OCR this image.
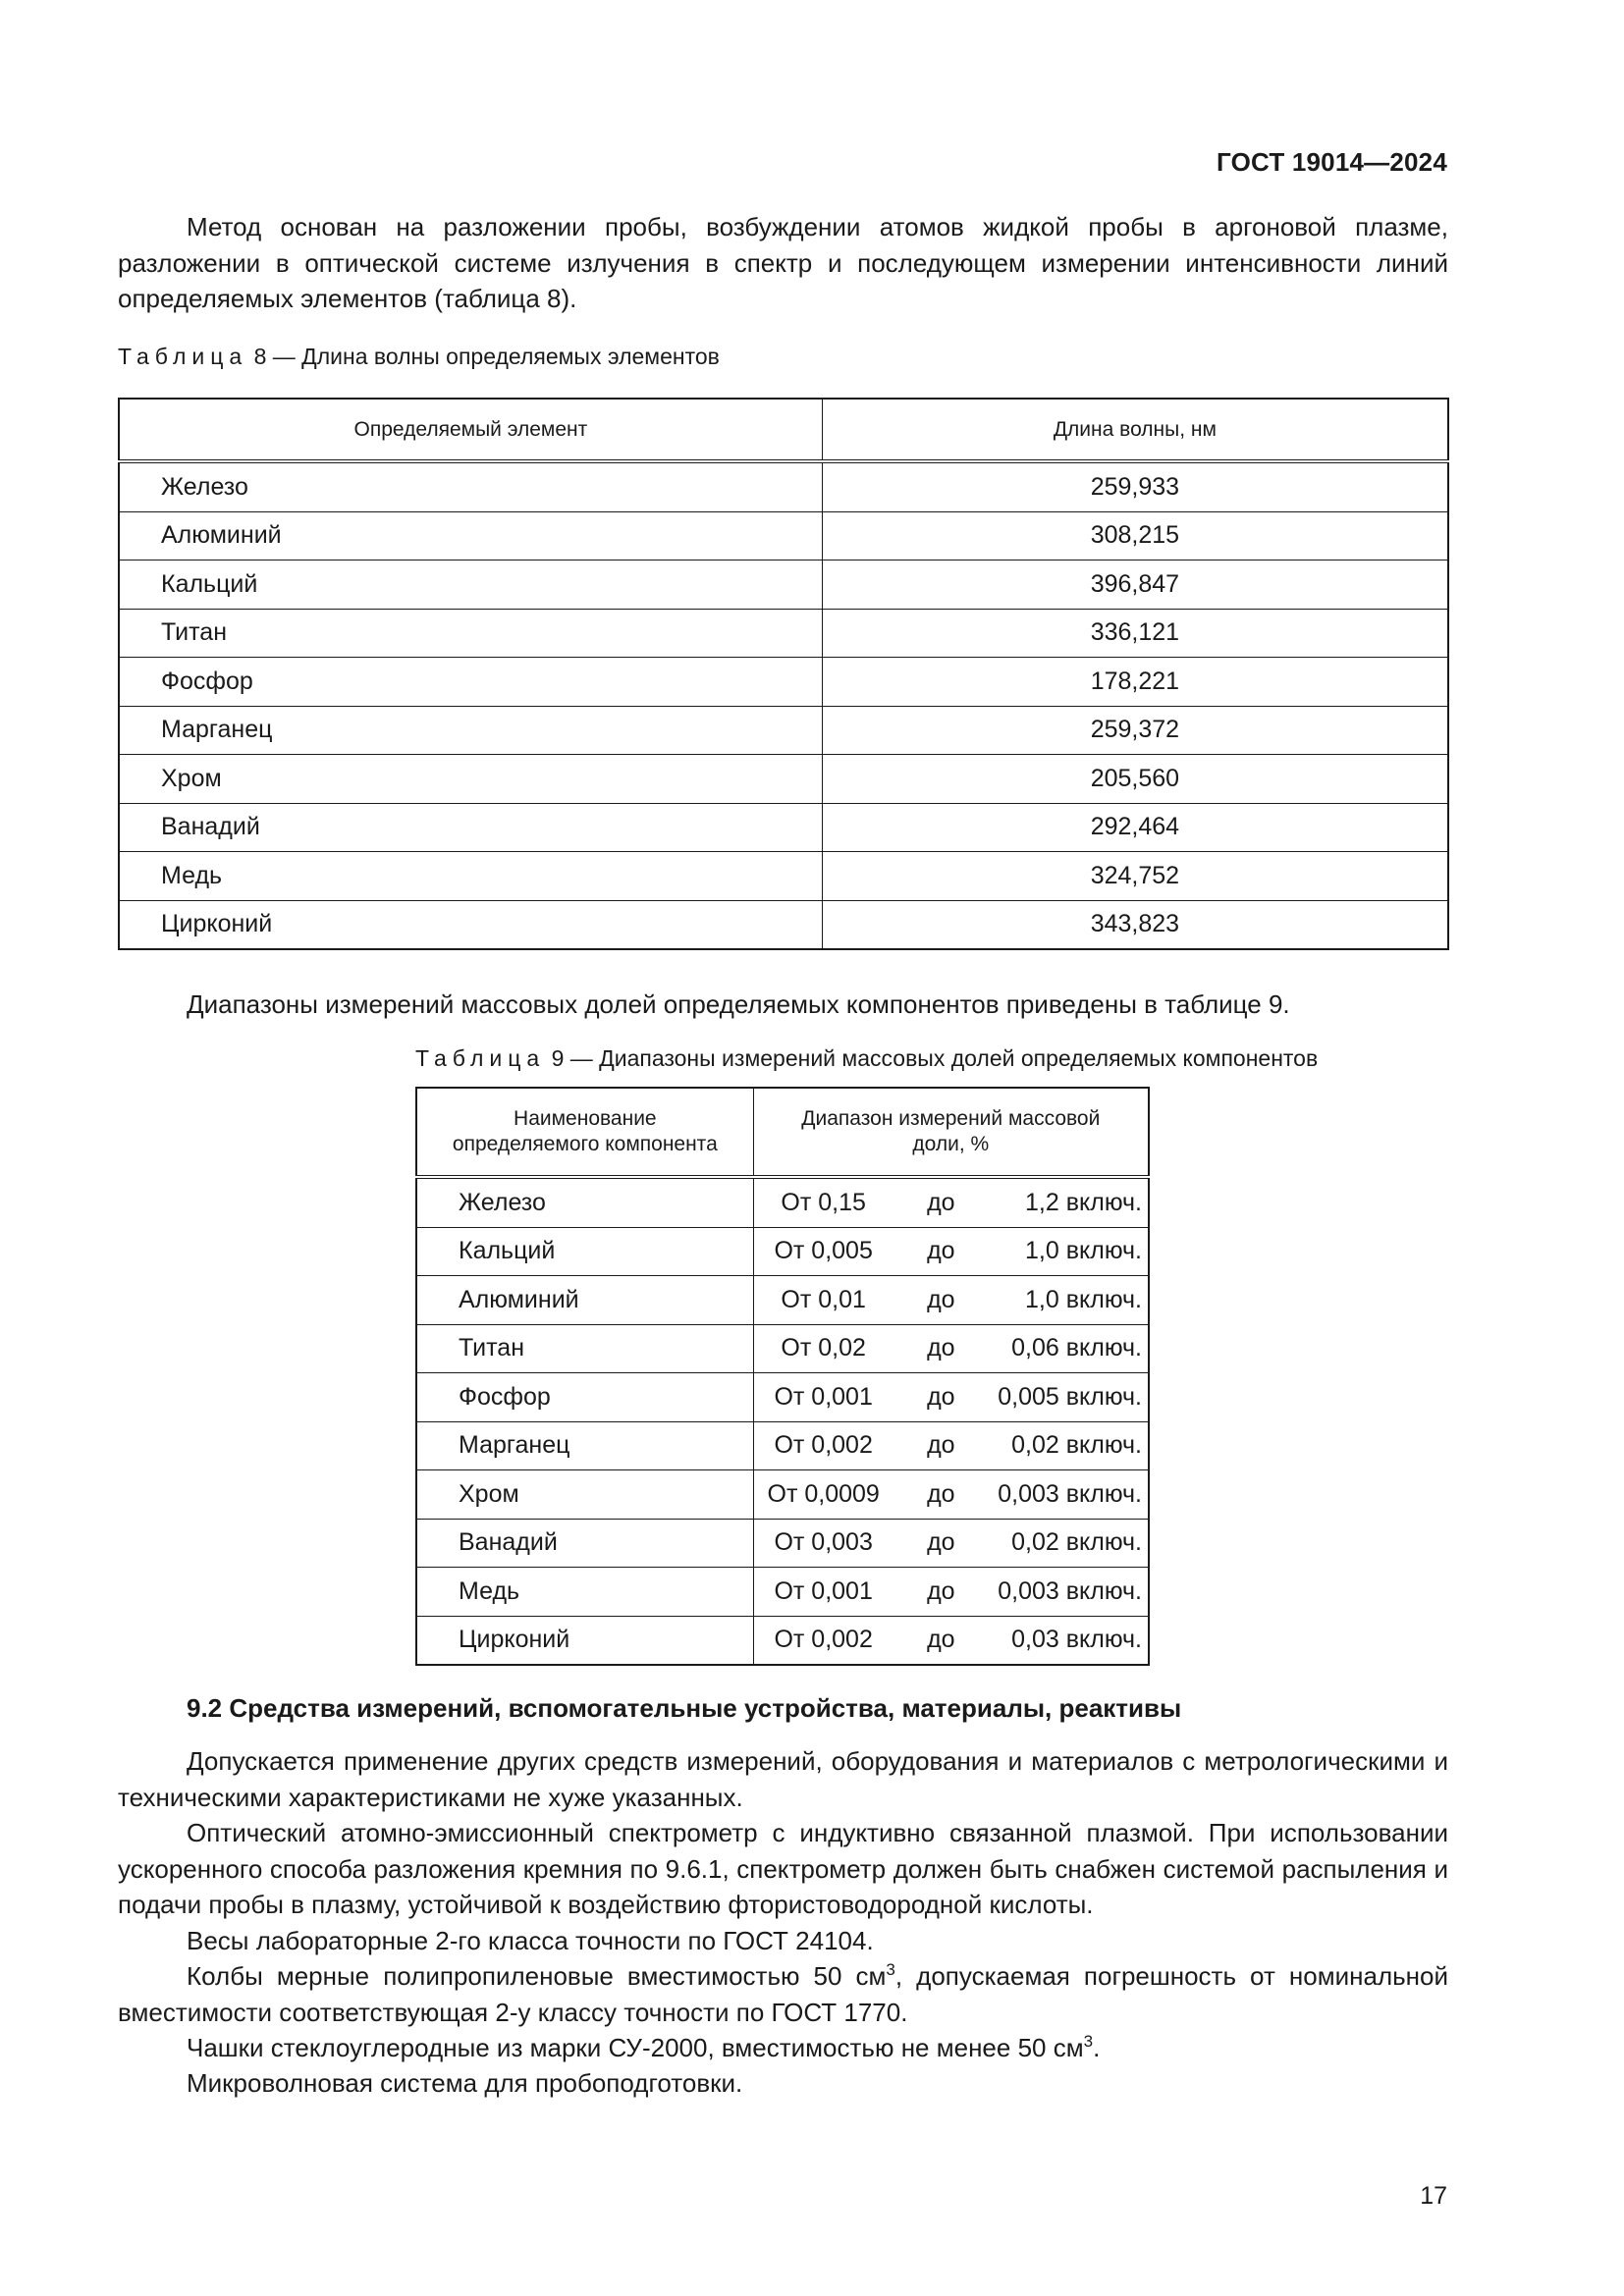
ГОСТ 19014—2024

Метод основан на разложении пробы, возбуждении атомов жидкой пробы в аргоновой плазме, разложении в оптической системе излучения в спектр и последующем измерении интенсивности линий определяемых элементов (таблица 8).

Таблица 8 — Длина волны определяемых элементов
Определяемый элемент	Длина волны, нм
Железо	259,933
Алюминий	308,215
Кальций	396,847
Титан	336,121
Фосфор	178,221
Марганец	259,372
Хром	205,560
Ванадий	292,464
Медь	324,752
Цирконий	343,823

Диапазоны измерений массовых долей определяемых компонентов приведены в таблице 9.

Таблица 9 — Диапазоны измерений массовых долей определяемых компонентов
Наименование
определяемого компонента	Диапазон измерений массовой
доли, %
Железо	От 0,15 до 1,2 включ.

Кальций	От 0,005 до 1,0 включ.

Алюминий	От 0,01 до 1,0 включ.

Титан	От 0,02 до 0,06 включ.

Фосфор	От 0,001 до 0,005 включ.

Марганец	От 0,002 до 0,02 включ.

Хром	От 0,0009 до 0,003 включ.

Ванадий	От 0,003 до 0,02 включ.

Медь	От 0,001 до 0,003 включ.

Цирконий	От 0,002 до 0,03 включ.
9.2 Средства измерений, вспомогательные устройства, материалы, реактивы

Допускается применение других средств измерений, оборудования и материалов с метрологическими и техническими характеристиками не хуже указанных.

Оптический атомно-эмиссионный спектрометр с индуктивно связанной плазмой. При использовании ускоренного способа разложения кремния по 9.6.1, спектрометр должен быть снабжен системой распыления и подачи пробы в плазму, устойчивой к воздействию фтористоводородной кислоты.

Весы лабораторные 2-го класса точности по ГОСТ 24104.

Колбы мерные полипропиленовые вместимостью 50 $см^3$, допускаемая погрешность от номинальной вместимости соответствующая 2-у классу точности по ГОСТ 1770.

Чашки стеклоуглеродные из марки СУ-2000, вместимостью не менее 50 $см^3$.

Микроволновая система для пробоподготовки.

17
